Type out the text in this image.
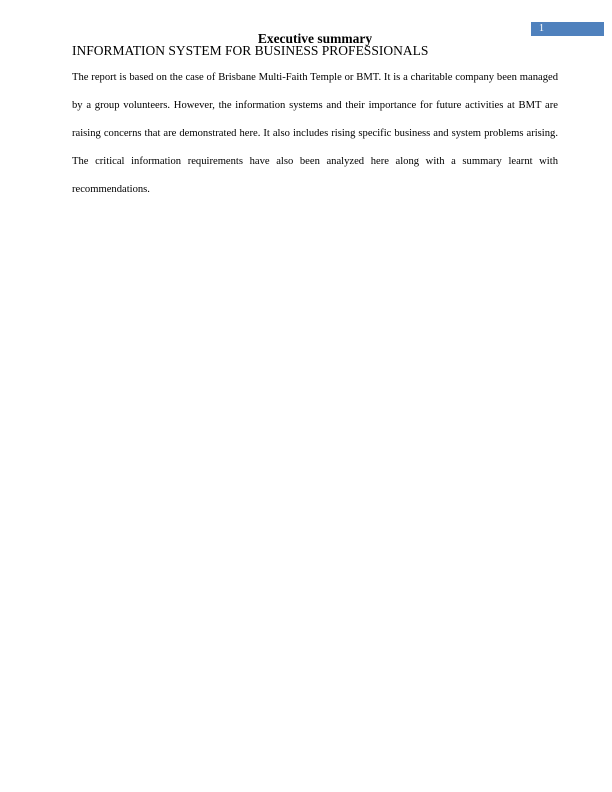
1
Executive summary
INFORMATION SYSTEM FOR BUSINESS PROFESSIONALS

The report is based on the case of Brisbane Multi-Faith Temple or BMT. It is a charitable company been managed by a group volunteers. However, the information systems and their importance for future activities at BMT are raising concerns that are demonstrated here. It also includes rising specific business and system problems arising. The critical information requirements have also been analyzed here along with a summary learnt with recommendations.
